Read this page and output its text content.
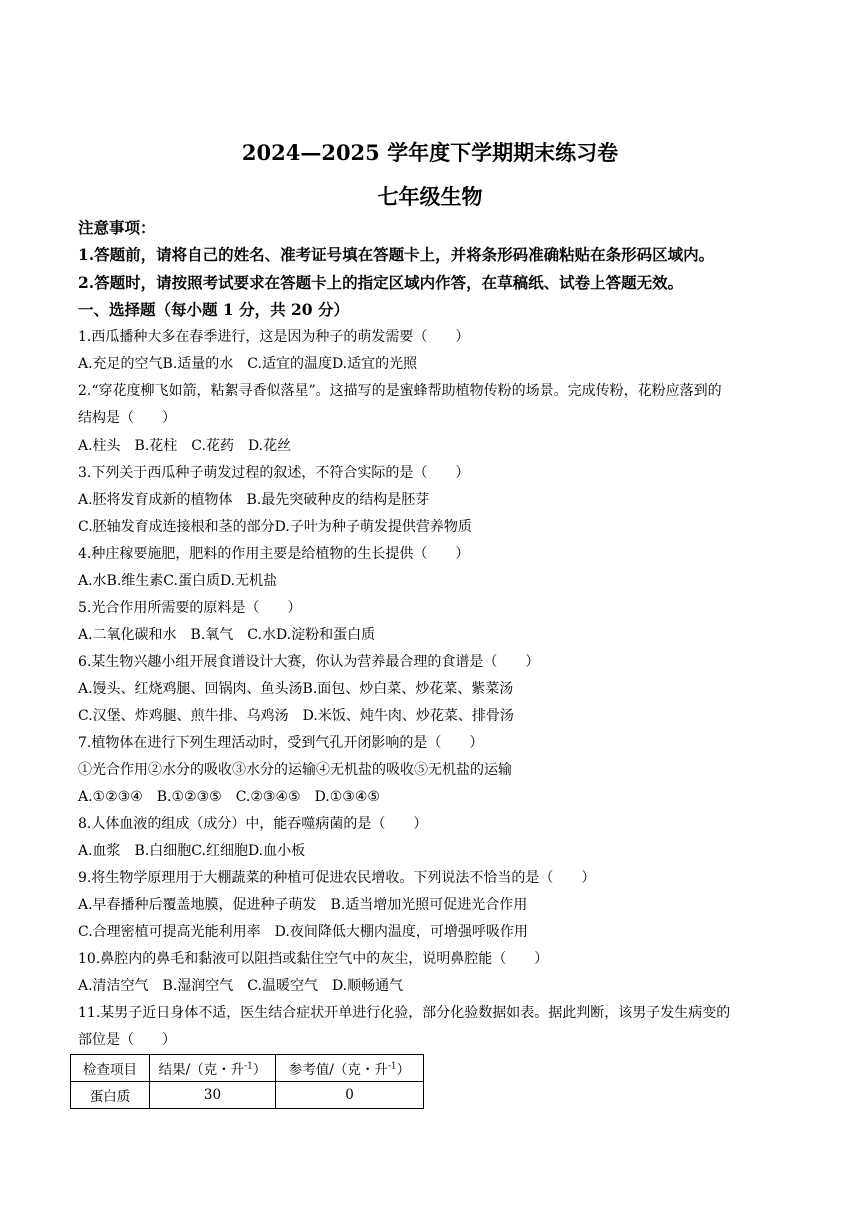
2024—2025 学年度下学期期末练习卷
七年级生物
注意事项：
1.答题前，请将自己的姓名、准考证号填在答题卡上，并将条形码准确粘贴在条形码区域内。
2.答题时，请按照考试要求在答题卡上的指定区域内作答，在草稿纸、试卷上答题无效。
一、选择题（每小题 1 分，共 20 分）
1.西瓜播种大多在春季进行，这是因为种子的萌发需要（　　）
A.充足的空气B.适量的水　C.适宜的温度D.适宜的光照
2.“穿花度柳飞如箭，粘絮寻香似落星”。这描写的是蜜蜂帮助植物传粉的场景。完成传粉，花粉应落到的
结构是（　　）
A.柱头　B.花柱　C.花药　D.花丝
3.下列关于西瓜种子萌发过程的叙述，不符合实际的是（　　）
A.胚将发育成新的植物体　B.最先突破种皮的结构是胚芽
C.胚轴发育成连接根和茎的部分D.子叶为种子萌发提供营养物质
4.种庄稼要施肥，肥料的作用主要是给植物的生长提供（　　）
A.水B.维生素C.蛋白质D.无机盐
5.光合作用所需要的原料是（　　）
A.二氧化碳和水　B.氧气　C.水D.淀粉和蛋白质
6.某生物兴趣小组开展食谱设计大赛，你认为营养最合理的食谱是（　　）
A.馒头、红烧鸡腿、回锅肉、鱼头汤B.面包、炒白菜、炒花菜、紫菜汤
C.汉堡、炸鸡腿、煎牛排、乌鸡汤　D.米饭、炖牛肉、炒花菜、排骨汤
7.植物体在进行下列生理活动时，受到气孔开闭影响的是（　　）
①光合作用②水分的吸收③水分的运输④无机盐的吸收⑤无机盐的运输
A.①②③④　B.①②③⑤　C.②③④⑤　D.①③④⑤
8.人体血液的组成（成分）中，能吞噬病菌的是（　　）
A.血浆　B.白细胞C.红细胞D.血小板
9.将生物学原理用于大棚蔬菜的种植可促进农民增收。下列说法不恰当的是（　　）
A.早春播种后覆盖地膜，促进种子萌发　B.适当增加光照可促进光合作用
C.合理密植可提高光能利用率　D.夜间降低大棚内温度，可增强呼吸作用
10.鼻腔内的鼻毛和黏液可以阻挡或黏住空气中的灰尘，说明鼻腔能（　　）
A.清洁空气　B.湿润空气　C.温暖空气　D.顺畅通气
11.某男子近日身体不适，医生结合症状开单进行化验，部分化验数据如表。据此判断，该男子发生病变的
部位是（　　）
检查项目	结果/（克・升$^{-1}$）	参考值/（克・升$^{-1}$）
蛋白质	30	0
